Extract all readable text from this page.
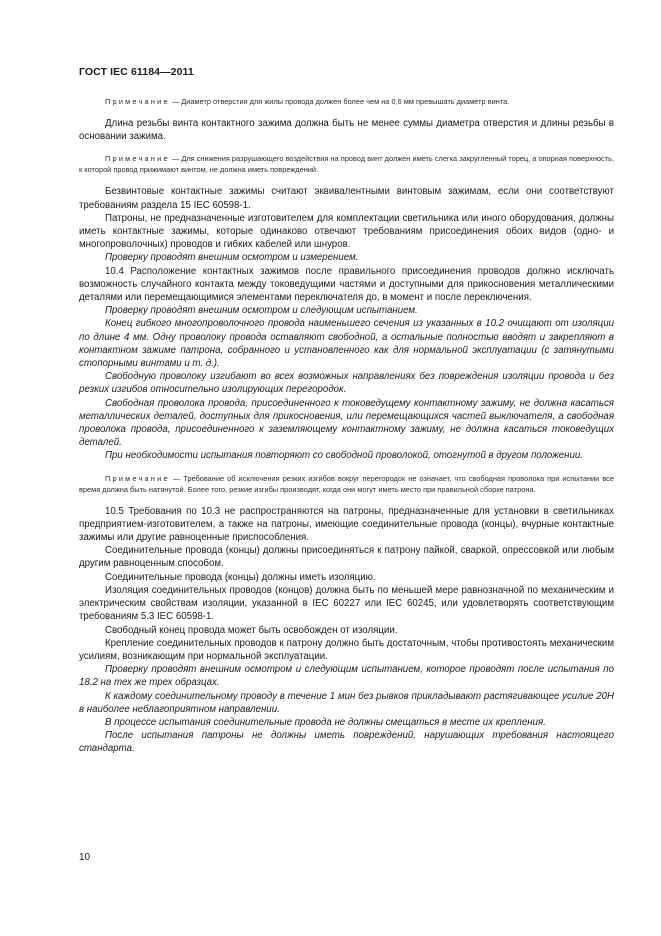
ГОСТ IEC 61184—2011

Примечание — Диаметр отверстия для жилы провода должен более чем на 0,6 мм превышать диаметр винта.

Длина резьбы винта контактного зажима должна быть не менее суммы диаметра отверстия и длины резьбы в основании зажима.

Примечание — Для снижения разрушающего воздействия на провод винт должен иметь слегка закругленный торец, а опорная поверхность, к которой провод прижимают винтом, не должна иметь повреждений.

Безвинтовые контактные зажимы считают эквивалентными винтовым зажимам, если они соответствуют требованиям раздела 15 IEC 60598-1.

Патроны, не предназначенные изготовителем для комплектации светильника или иного оборудования, должны иметь контактные зажимы, которые одинаково отвечают требованиям присоединения обоих видов (одно- и многопроволочных) проводов и гибких кабелей или шнуров.

Проверку проводят внешним осмотром и измерением.

10.4 Расположение контактных зажимов после правильного присоединения проводов должно исключать возможность случайного контакта между токоведущими частями и доступными для прикосновения металлическими деталями или перемещающимися элементами переключателя до, в момент и после переключения.

Проверку проводят внешним осмотром и следующим испытанием.

Конец гибкого многопроволочного провода наименьшего сечения из указанных в 10.2 очищают от изоляции по длине 4 мм. Одну проволоку провода оставляют свободной, а остальные полностью вводят и закрепляют в контактном зажиме патрона, собранного и установленного как для нормальной эксплуатации (с затянутыми стопорными винтами и т. д.).

Свободную проволоку изгибают во всех возможных направлениях без повреждения изоляции провода и без резких изгибов относительно изолирующих перегородок.

Свободная проволока провода, присоединенного к токоведущему контактному зажиму, не должна касаться металлических деталей, доступных для прикосновения, или перемещающихся частей выключателя, а свободная проволока провода, присоединенного к заземляющему контактному зажиму, не должна касаться токоведущих деталей.

При необходимости испытания повторяют со свободной проволокой, отогнутой в другом положении.

Примечание — Требование об исключении резких изгибов вокруг перегородок не означает, что свободная проволока при испытании все время должна быть натянутой. Более того, резкие изгибы производят, когда они могут иметь место при правильной сборке патрона.

10.5 Требования по 10.3 не распространяются на патроны, предназначенные для установки в светильниках предприятием-изготовителем, а также на патроны, имеющие соединительные провода (концы), вчурные контактные зажимы или другие равноценные приспособления.

Соединительные провода (концы) должны присоединяться к патрону пайкой, сваркой, опрессовкой или любым другим равноценным способом.

Соединительные провода (концы) должны иметь изоляцию.

Изоляция соединительных проводов (концов) должна быть по меньшей мере равнозначной по механическим и электрическим свойствам изоляции, указанной в IEC 60227 или IEC 60245, или удовлетворять соответствующим требованиям 5.3 IEC 60598-1.

Свободный конец провода может быть освобожден от изоляции.

Крепление соединительных проводов к патрону должно быть достаточным, чтобы противостоять механическим усилиям, возникающим при нормальной эксплуатации.

Проверку проводят внешним осмотром и следующим испытанием, которое проводят после испытания по 18.2 на тех же трех образцах.

К каждому соединительному проводу в течение 1 мин без рывков прикладывают растягивающее усилие 20Н в наиболее неблагоприятном направлении.

В процессе испытания соединительные провода не должны смещаться в месте их крепления.

После испытания патроны не должны иметь повреждений, нарушающих требования настоящего стандарта.

10
